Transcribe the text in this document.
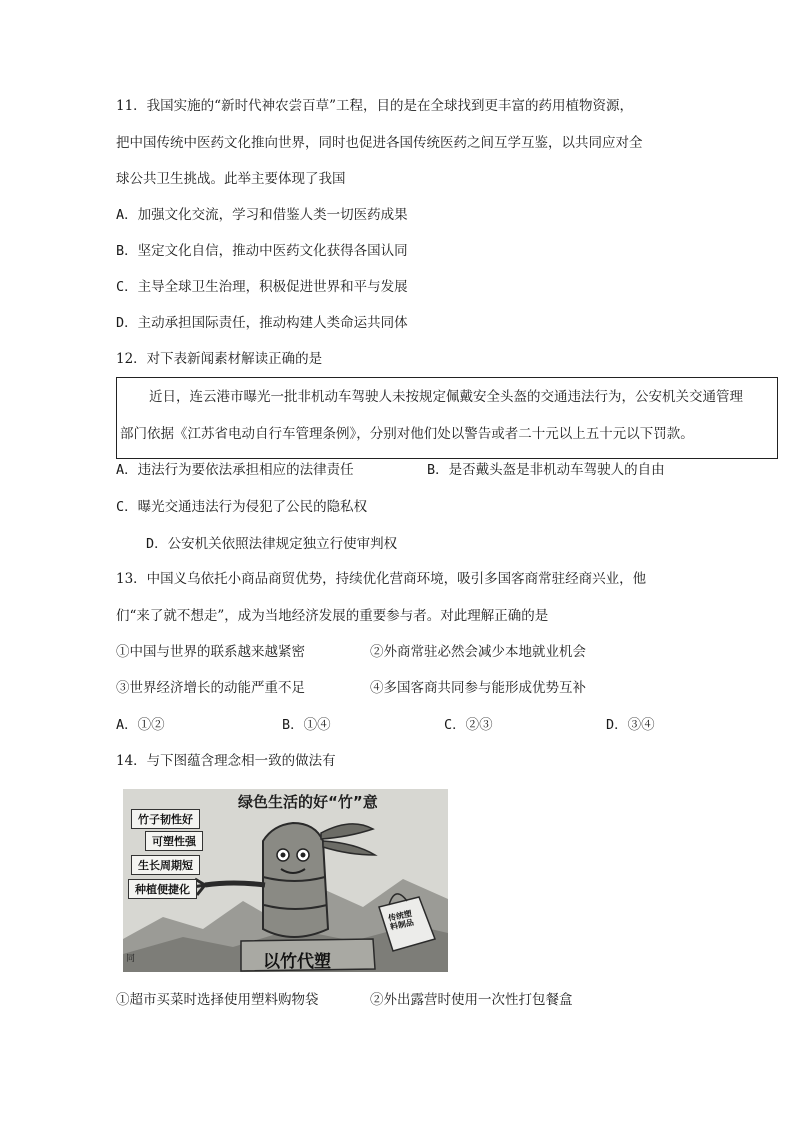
11．我国实施的“新时代神农尝百草”工程，目的是在全球找到更丰富的药用植物资源，
把中国传统中医药文化推向世界，同时也促进各国传统医药之间互学互鉴，以共同应对全
球公共卫生挑战。此举主要体现了我国
A．加强文化交流，学习和借鉴人类一切医药成果
B．坚定文化自信，推动中医药文化获得各国认同
C．主导全球卫生治理，积极促进世界和平与发展
D．主动承担国际责任，推动构建人类命运共同体
12．对下表新闻素材解读正确的是
近日，连云港市曝光一批非机动车驾驶人未按规定佩戴安全头盔的交通违法行为，公安机关交通管理
部门依据《江苏省电动自行车管理条例》，分别对他们处以警告或者二十元以上五十元以下罚款。
A．违法行为要依法承担相应的法律责任	B．是否戴头盔是非机动车驾驶人的自由
C．曝光交通违法行为侵犯了公民的隐私权
D．公安机关依照法律规定独立行使审判权
13．中国义乌依托小商品商贸优势，持续优化营商环境，吸引多国客商常驻经商兴业，他
们“来了就不想走”，成为当地经济发展的重要参与者。对此理解正确的是
①中国与世界的联系越来越紧密	②外商常驻必然会减少本地就业机会
③世界经济增长的动能严重不足	④多国客商共同参与能形成优势互补
A．①②	B．①④	C．②③	D．③④
14．与下图蕴含理念相一致的做法有
绿色生活的好“竹”意
竹子韧性好
可塑性强
生长周期短
种植便捷化
传统塑料制品
以竹代塑
同
①超市买菜时选择使用塑料购物袋	②外出露营时使用一次性打包餐盒
